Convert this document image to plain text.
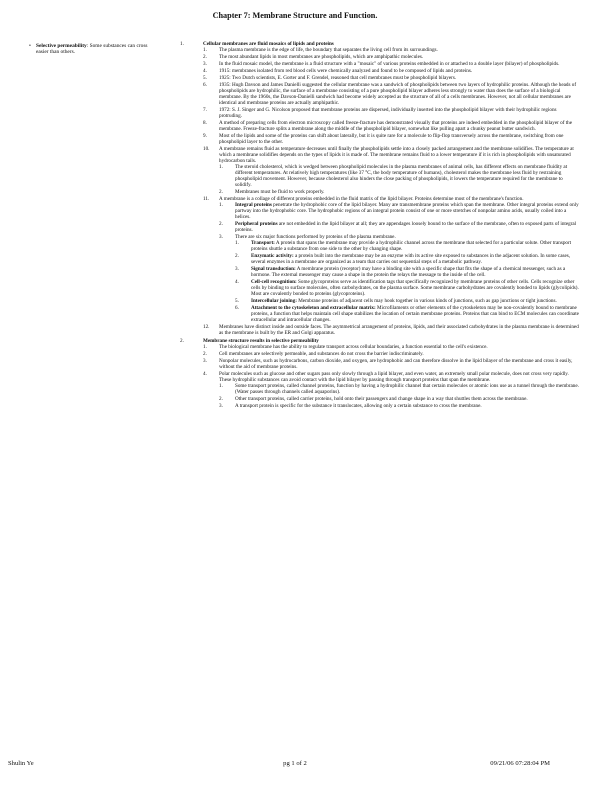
Chapter 7: Membrane Structure and Function.
• Selective permeability: Some substances can cross easier than others.
1.	Cellular membranes are fluid mosaics of lipids and proteins
1. The plasma membrane is the edge of life, the boundary that separates the living cell from its surroundings.
2. The most abundant lipids in most membranes are phospholipids, which are amphipathic molecules.
3. In the fluid mosaic model, the membrane is a fluid structure with a "mosaic" of various proteins embedded in or attached to a double layer (bilayer) of phospholipids.
4. 1915: membranes isolated from red blood cells were chemically analyzed and found to be composed of lipids and proteins.
5. 1925: Two Dutch scientists, E. Gorter and F. Grendel, reasoned that cell membranes must be phospholipid bilayers.
6. 1935: Hugh Davson and James Danielli suggested the cellular membrane was a sandwich of phospholipids between two layers of hydrophilic proteins. Although the heads of phospholipids are hydrophilic, the surface of a membrane consisting of a pure phospholipid bilayer adheres less strongly to water than does the surface of a biological membrane. By the 1960s, the Davson-Danielli sandwich had become widely accepted as the structure of all of a cells membranes. However, not all cellular membranes are identical and membrane proteins are actually amphipathic.
7. 1972: S. J. Singer and G. Nicolson proposed that membrane proteins are dispersed, individually inserted into the phospholipid bilayer with their hydrophilic regions protruding.
8. A method of preparing cells from electron microscopy called freeze-fracture has demonstrated visually that proteins are indeed embedded in the phospholipid bilayer of the membrane. Freeze-fracture splits a membrane along the middle of the phospholipid bilayer, somewhat like pulling apart a chunky peanut butter sandwich.
9. Most of the lipids and some of the proteins can shift about laterally, but it is quite rare for a molecule to flip-flop transversely across the membrane, switching from one phospholipid layer to the other.
10. A membrane remains fluid as temperature decreases until finally the phospholipids settle into a closely packed arrangement and the membrane solidifies. The temperature at which a membrane solidifies depends on the types of lipids it is made of. The membrane remains fluid to a lower temperature if it is rich in phospholipids with unsaturated hydrocarbon tails.
1. The steroid cholesterol, which is wedged between phospholipid molecules in the plasma membranes of animal cells, has different effects on membrane fluidity at different temperatures. At relatively high temperatures (like 37 °C, the body temperature of humans), cholesterol makes the membrane less fluid by restraining phospholipid movement. However, because cholesterol also hinders the close packing of phospholipids, it lowers the temperature required for the membrane to solidify.
2. Membranes must be fluid to work properly.
11. A membrane is a collage of different proteins embedded in the fluid matrix of the lipid bilayer. Proteins determine most of the membrane's function.
1. Integral proteins penetrate the hydrophobic core of the lipid bilayer. Many are transmembrane proteins which span the membrane. Other integral proteins extend only partway into the hydrophobic core. The hydrophobic regions of an integral protein consist of one or more stretches of nonpolar amino acids, usually coiled into a helices.
2. Peripheral proteins are not embedded in the lipid bilayer at all; they are appendages loosely bound to the surface of the membrane, often to exposed parts of integral proteins.
3. There are six major functions performed by proteins of the plasma membrane.
1. Transport: A protein that spans the membrane may provide a hydrophilic channel across the membrane that selected for a particular solute. Other transport proteins shuttle a substance from one side to the other by changing shape.
2. Enzymatic activity: a protein built into the membrane may be an enzyme with its active site exposed to substances in the adjacent solution. In some cases, several enzymes in a membrane are organized as a team that carries out sequential steps of a metabolic pathway.
3. Signal transduction: A membrane protein (receptor) may have a binding site with a specific shape that fits the shape of a chemical messenger, such as a hormone. The external messenger may cause a shape in the protein the relays the message to the inside of the cell.
4. Cell-cell recognition: Some glycoproteins serve as identification tags that specifically recognized by membrane proteins of other cells. Cells recognize other cells by binding to surface molecules, often carbohydrates, on the plasma surface. Some membrane carbohydrates are covalently bonded to lipids (glycolipids). Most are covalently bonded to proteins (glycoproteins).
5. Intercellular joining: Membrane proteins of adjacent cells may hook together in various kinds of junctions, such as gap junctions or tight junctions.
6. Attachment to the cytoskeleton and extracellular matrix: Microfilaments or other elements of the cytoskeleton may be non-covalently bound to membrane proteins, a function that helps maintain cell shape stabilizes the location of certain membrane proteins. Proteins that can bind to ECM molecules can coordinate extracellular and intracellular changes.
12. Membranes have distinct inside and outside faces. The asymmetrical arrangement of proteins, lipids, and their associated carbohydrates in the plasma membrane is determined as the membrane is built by the ER and Golgi apparatus.
2.	Membrane structure results in selective permeability
1. The biological membrane has the ability to regulate transport across cellular boundaries, a function essential to the cell's existence.
2. Cell membranes are selectively permeable, and substances do not cross the barrier indiscriminately.
3. Nonpolar molecules, such as hydrocarbons, carbon dioxide, and oxygen, are hydrophobic and can therefore dissolve in the lipid bilayer of the membrane and cross it easily, without the aid of membrane proteins.
4. Polar molecules such as glucose and other sugars pass only slowly through a lipid bilayer, and even water, an extremely small polar molecule, does not cross very rapidly. These hydrophilic substances can avoid contact with the lipid bilayer by passing through transport proteins that span the membrane.
1. Some transport proteins, called channel proteins, function by having a hydrophilic channel that certain molecules or atomic ions use as a tunnel through the membrane. (Water passes through channels called aquaporins).
2. Other transport proteins, called carrier proteins, hold onto their passengers and change shape in a way that shuttles them across the membrane.
3. A transport protein is specific for the substance it translocates, allowing only a certain substance to cross the membrane.
Shulin Ye	pg 1 of 2	09/21/06 07:28:04 PM
